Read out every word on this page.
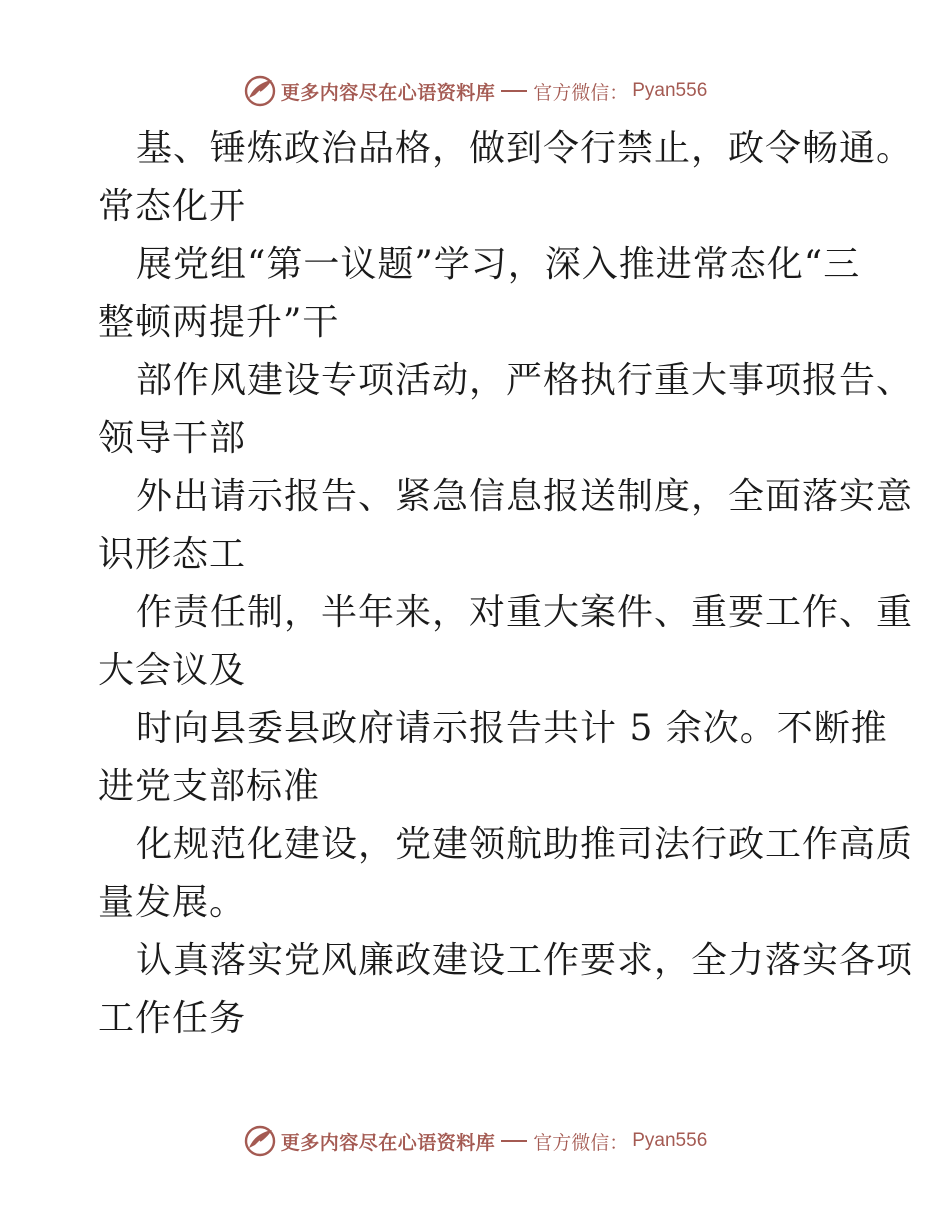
更多内容尽在心语资料库 官方微信： Pyan556
基、锤炼政治品格，做到令行禁止，政令畅通。
常态化开
展党组“第一议题”学习，深入推进常态化“三
整顿两提升”干
部作风建设专项活动，严格执行重大事项报告、
领导干部
外出请示报告、紧急信息报送制度，全面落实意
识形态工
作责任制，半年来，对重大案件、重要工作、重
大会议及
时向县委县政府请示报告共计 5 余次。不断推
进党支部标准
化规范化建设，党建领航助推司法行政工作高质
量发展。
认真落实党风廉政建设工作要求，全力落实各项
工作任务
更多内容尽在心语资料库 官方微信： Pyan556
